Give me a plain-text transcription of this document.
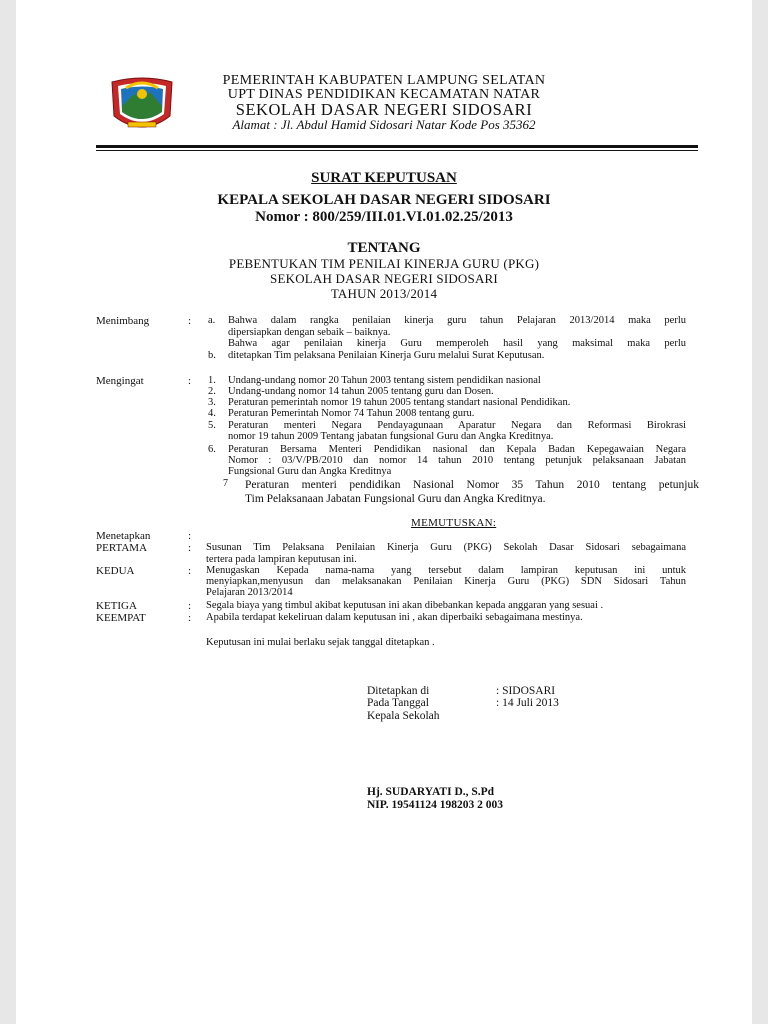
PEMERINTAH KABUPATEN LAMPUNG SELATAN
UPT DINAS PENDIDIKAN KECAMATAN NATAR
SEKOLAH DASAR NEGERI SIDOSARI
Alamat : Jl. Abdul Hamid Sidosari Natar Kode Pos 35362
SURAT KEPUTUSAN
KEPALA SEKOLAH DASAR NEGERI SIDOSARI
Nomor : 800/259/III.01.VI.01.02.25/2013
TENTANG
PEBENTUKAN TIM PENILAI KINERJA GURU (PKG)
SEKOLAH DASAR NEGERI SIDOSARI
TAHUN 2013/2014
Menimbang	: a. Bahwa dalam rangka penilaian kinerja guru tahun Pelajaran 2013/2014 maka perlu
dipersiapkan dengan sebaik – baiknya.
Bahwa agar penilaian kinerja Guru memperoleh hasil yang maksimal maka perlu
b. ditetapkan Tim pelaksana Penilaian Kinerja Guru melalui Surat Keputusan.
Mengingat	: 1. Undang-undang nomor 20 Tahun 2003 tentang sistem pendidikan nasional
2. Undang-undang nomor 14 tahun 2005 tentang guru dan Dosen.
3. Peraturan pemerintah nomor 19 tahun 2005 tentang standart nasional Pendidikan.
4. Peraturan Pemerintah Nomor 74 Tahun 2008 tentang guru.
5. Peraturan menteri Negara Pendayagunaan Aparatur Negara dan Reformasi Birokrasi
nomor 19 tahun 2009 Tentang jabatan fungsional Guru dan Angka Kreditnya.
6. Peraturan Bersama Menteri Pendidikan nasional dan Kepala Badan Kepegawaian Negara
Nomor : 03/V/PB/2010 dan nomor 14 tahun 2010 tentang petunjuk pelaksanaan Jabatan
Fungsional Guru dan Angka Kreditnya
7 Peraturan menteri pendidikan Nasional Nomor 35 Tahun 2010 tentang petunjuk
Tim Pelaksanaan Jabatan Fungsional Guru dan Angka Kreditnya.
MEMUTUSKAN:
Menetapkan	:
PERTAMA	: Susunan Tim Pelaksana Penilaian Kinerja Guru (PKG) Sekolah Dasar Sidosari sebagaimana
tertera pada lampiran keputusan ini.
KEDUA	: Menugaskan Kepada nama-nama yang tersebut dalam lampiran keputusan ini untuk
menyiapkan,menyusun dan melaksanakan Penilaian Kinerja Guru (PKG) SDN Sidosari Tahun
Pelajaran 2013/2014
KETIGA	: Segala biaya yang timbul akibat keputusan ini akan dibebankan kepada anggaran yang sesuai .
KEEMPAT	: Apabila terdapat kekeliruan dalam keputusan ini , akan diperbaiki sebagaimana mestinya.
Keputusan ini mulai berlaku sejak tanggal ditetapkan .
Ditetapkan di	: SIDOSARI
Pada Tanggal	: 14 Juli 2013
Kepala Sekolah
Hj. SUDARYATI D., S.Pd
NIP. 19541124 198203 2 003
